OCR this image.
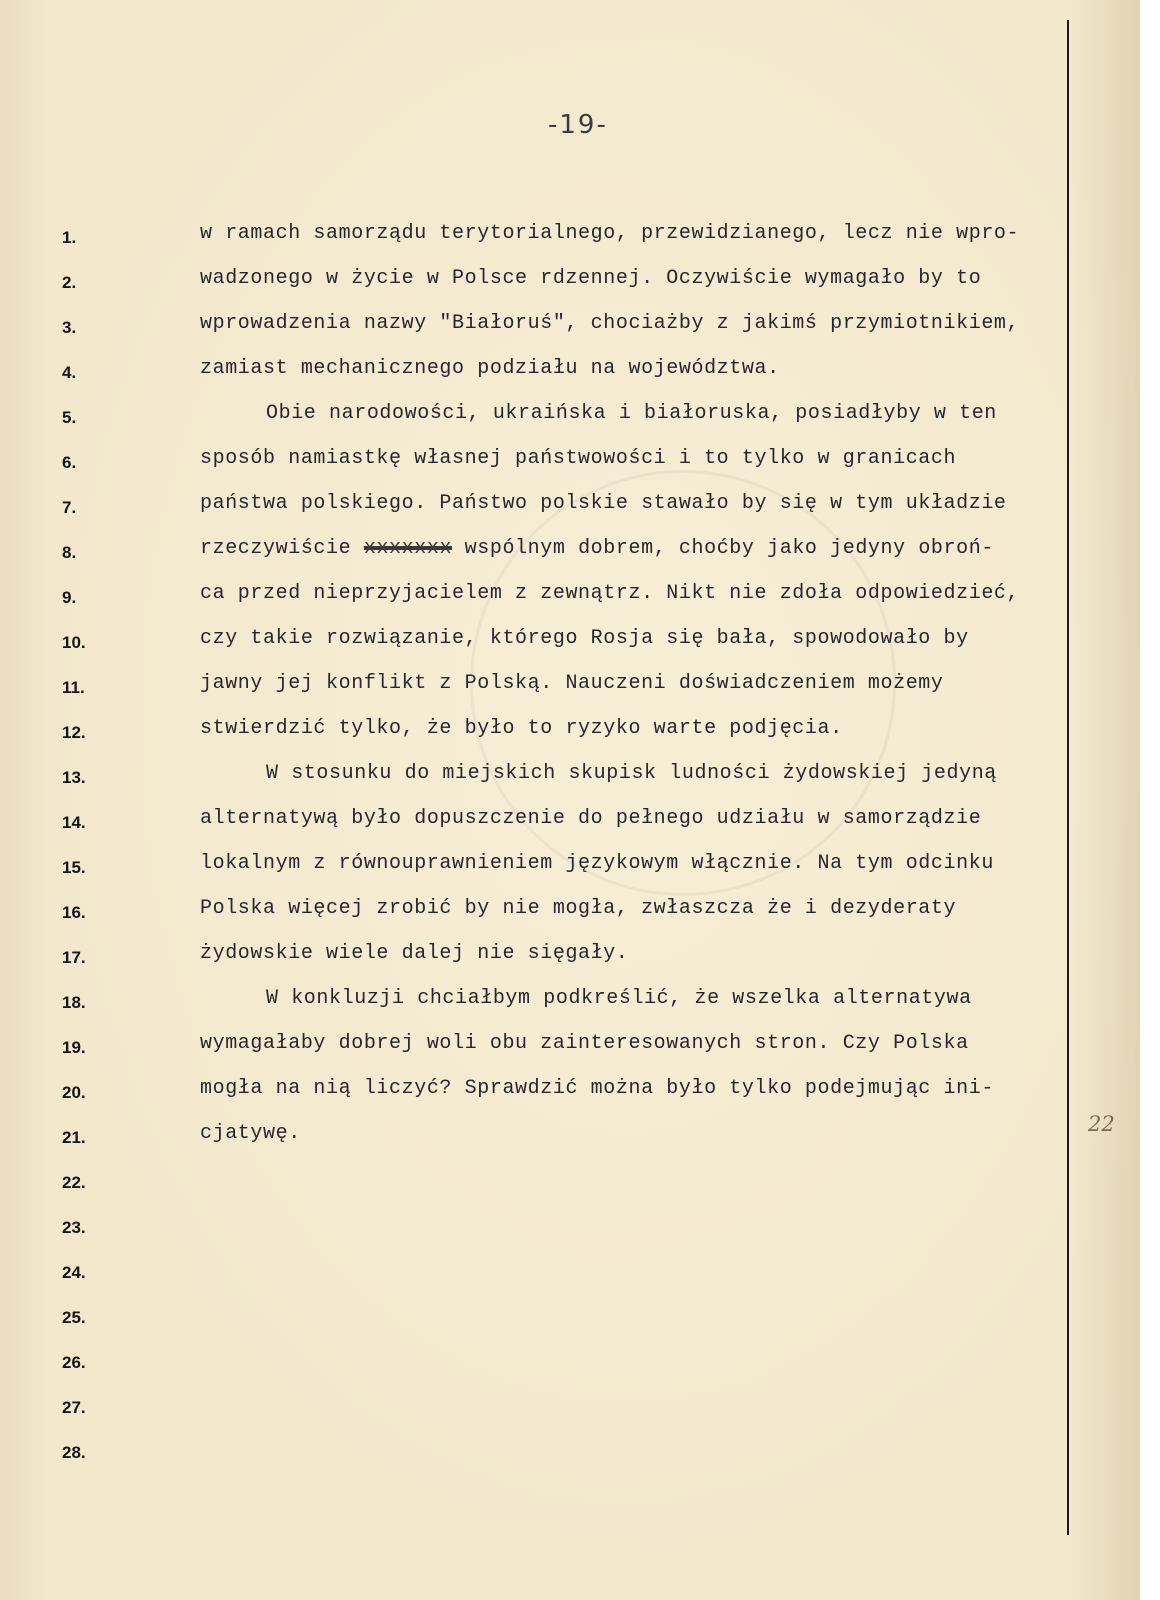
-19-
1.
2.
3.
4.
5.
6.
7.
8.
9.
10.
11.
12.
13.
14.
15.
16.
17.
18.
19.
20.
21.
22.
23.
24.
25.
26.
27.
28.
w ramach samorządu terytorialnego, przewidzianego, lecz nie wpro-
wadzonego w życie w Polsce rdzennej. Oczywiście wymagało by to
wprowadzenia nazwy "Białoruś", chociażby z jakimś przymiotnikiem,
zamiast mechanicznego podziału na województwa.
Obie narodowości, ukraińska i białoruska, posiadłyby w ten
sposób namiastkę własnej państwowości i to tylko w granicach
państwa polskiego. Państwo polskie stawało by się w tym układzie
rzeczywiście xxxxxxx wspólnym dobrem, choćby jako jedyny obroń-
ca przed nieprzyjacielem z zewnątrz. Nikt nie zdoła odpowiedzieć,
czy takie rozwiązanie, którego Rosja się bała, spowodowało by
jawny jej konflikt z Polską. Nauczeni doświadczeniem możemy
stwierdzić tylko, że było to ryzyko warte podjęcia.
W stosunku do miejskich skupisk ludności żydowskiej jedyną
alternatywą było dopuszczenie do pełnego udziału w samorządzie
lokalnym z równouprawnieniem językowym włącznie. Na tym odcinku
Polska więcej zrobić by nie mogła, zwłaszcza że i dezyderaty
żydowskie wiele dalej nie sięgały.
W konkluzji chciałbym podkreślić, że wszelka alternatywa
wymagałaby dobrej woli obu zainteresowanych stron. Czy Polska
mogła na nią liczyć? Sprawdzić można było tylko podejmując ini-
cjatywę.	22
